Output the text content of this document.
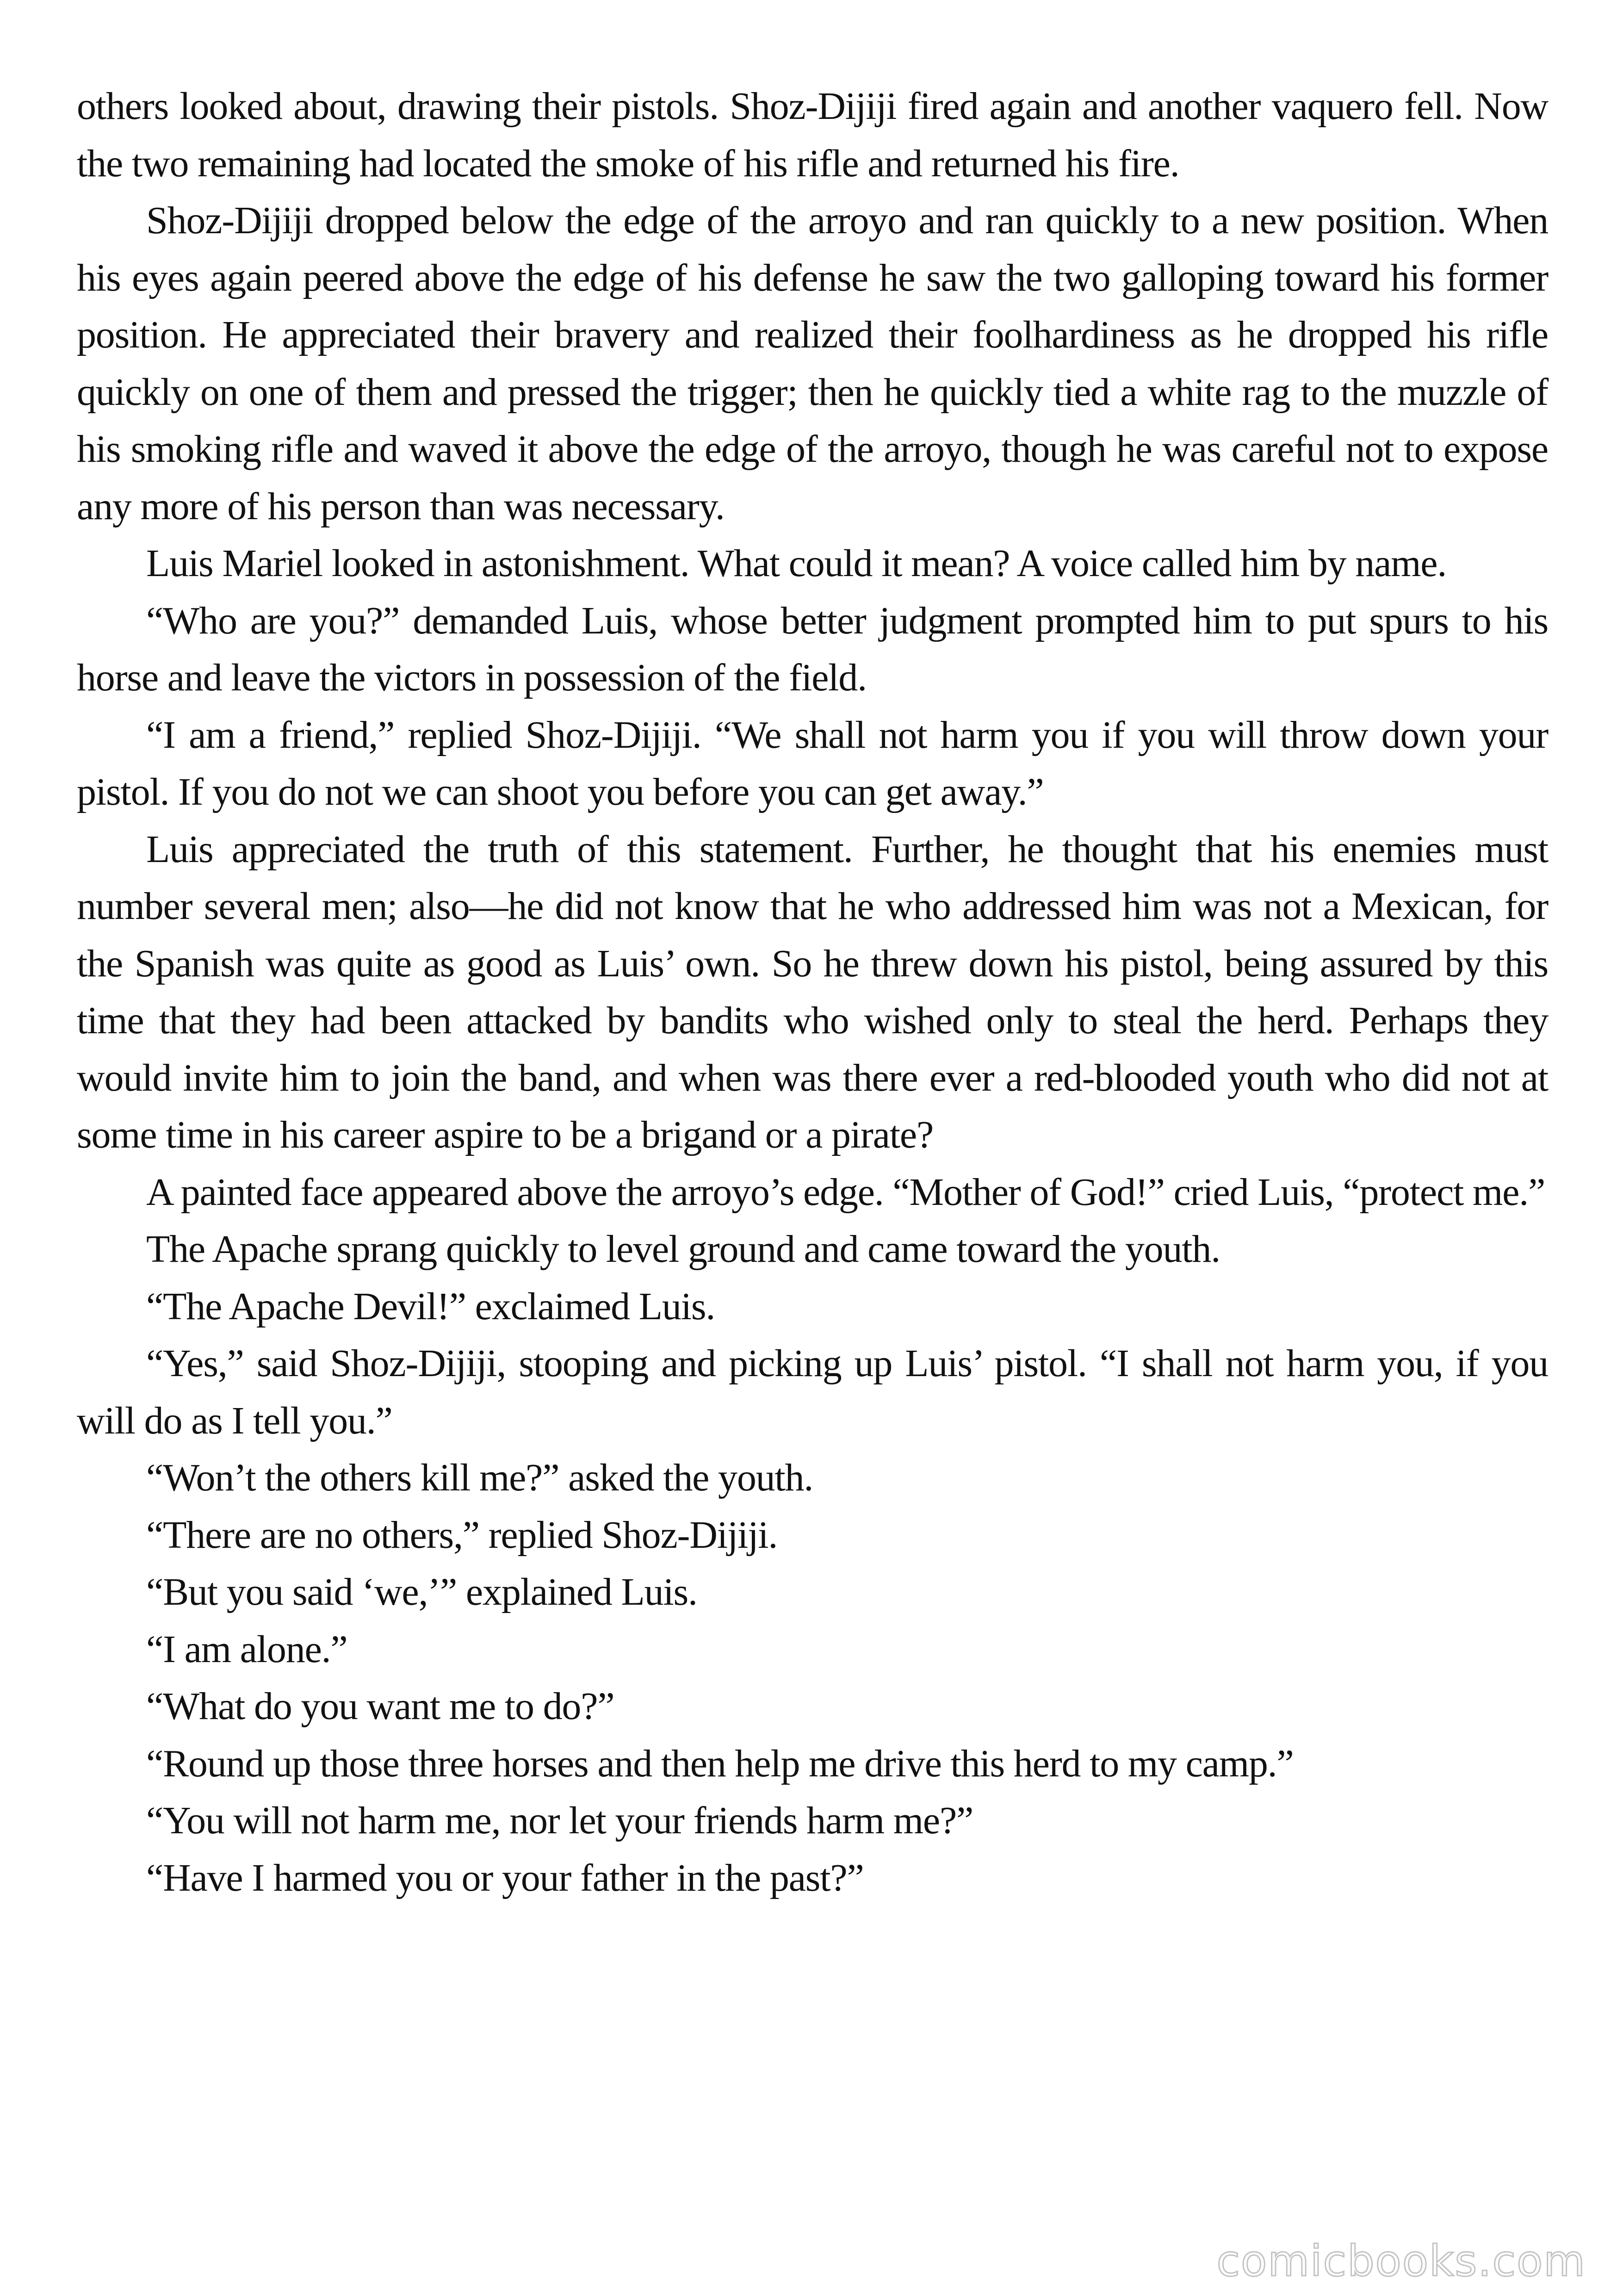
others looked about, drawing their pistols. Shoz-Dijiji fired again and another vaquero fell. Now the two remaining had located the smoke of his rifle and returned his fire.

Shoz-Dijiji dropped below the edge of the arroyo and ran quickly to a new position. When his eyes again peered above the edge of his defense he saw the two galloping toward his former position. He appreciated their bravery and realized their foolhardiness as he dropped his rifle quickly on one of them and pressed the trigger; then he quickly tied a white rag to the muzzle of his smoking rifle and waved it above the edge of the arroyo, though he was careful not to expose any more of his person than was necessary.

Luis Mariel looked in astonishment. What could it mean? A voice called him by name.

“Who are you?” demanded Luis, whose better judgment prompted him to put spurs to his horse and leave the victors in possession of the field.

“I am a friend,” replied Shoz-Dijiji. “We shall not harm you if you will throw down your pistol. If you do not we can shoot you before you can get away.”

Luis appreciated the truth of this statement. Further, he thought that his enemies must number several men; also—he did not know that he who addressed him was not a Mexican, for the Spanish was quite as good as Luis’ own. So he threw down his pistol, being assured by this time that they had been attacked by bandits who wished only to steal the herd. Perhaps they would invite him to join the band, and when was there ever a red-blooded youth who did not at some time in his career aspire to be a brigand or a pirate?

A painted face appeared above the arroyo’s edge. “Mother of God!” cried Luis, “protect me.”

The Apache sprang quickly to level ground and came toward the youth.

“The Apache Devil!” exclaimed Luis.

“Yes,” said Shoz-Dijiji, stooping and picking up Luis’ pistol. “I shall not harm you, if you will do as I tell you.”

“Won’t the others kill me?” asked the youth.

“There are no others,” replied Shoz-Dijiji.

“But you said ‘we,’” explained Luis.

“I am alone.”

“What do you want me to do?”

“Round up those three horses and then help me drive this herd to my camp.”

“You will not harm me, nor let your friends harm me?”

“Have I harmed you or your father in the past?”

comicbooks.com
